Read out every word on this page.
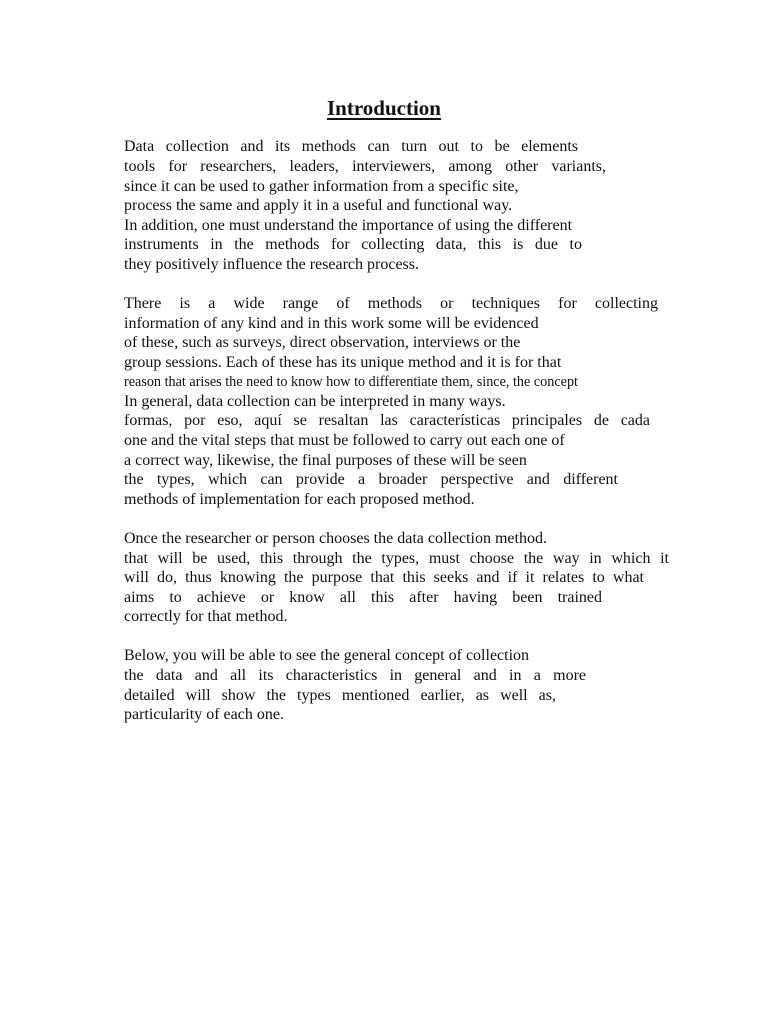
Introduction
Data collection and its methods can turn out to be elements
tools for researchers, leaders, interviewers, among other variants,
since it can be used to gather information from a specific site,
process the same and apply it in a useful and functional way.
In addition, one must understand the importance of using the different
instruments in the methods for collecting data, this is due to
they positively influence the research process.
There is a wide range of methods or techniques for collecting
information of any kind and in this work some will be evidenced
of these, such as surveys, direct observation, interviews or the
group sessions. Each of these has its unique method and it is for that
reason that arises the need to know how to differentiate them, since, the concept
In general, data collection can be interpreted in many ways.
formas, por eso, aquí se resaltan las características principales de cada
one and the vital steps that must be followed to carry out each one of
a correct way, likewise, the final purposes of these will be seen
the types, which can provide a broader perspective and different
methods of implementation for each proposed method.
Once the researcher or person chooses the data collection method.
that will be used, this through the types, must choose the way in which it
will do, thus knowing the purpose that this seeks and if it relates to what
aims to achieve or know all this after having been trained
correctly for that method.
Below, you will be able to see the general concept of collection
the data and all its characteristics in general and in a more
detailed will show the types mentioned earlier, as well as,
particularity of each one.
